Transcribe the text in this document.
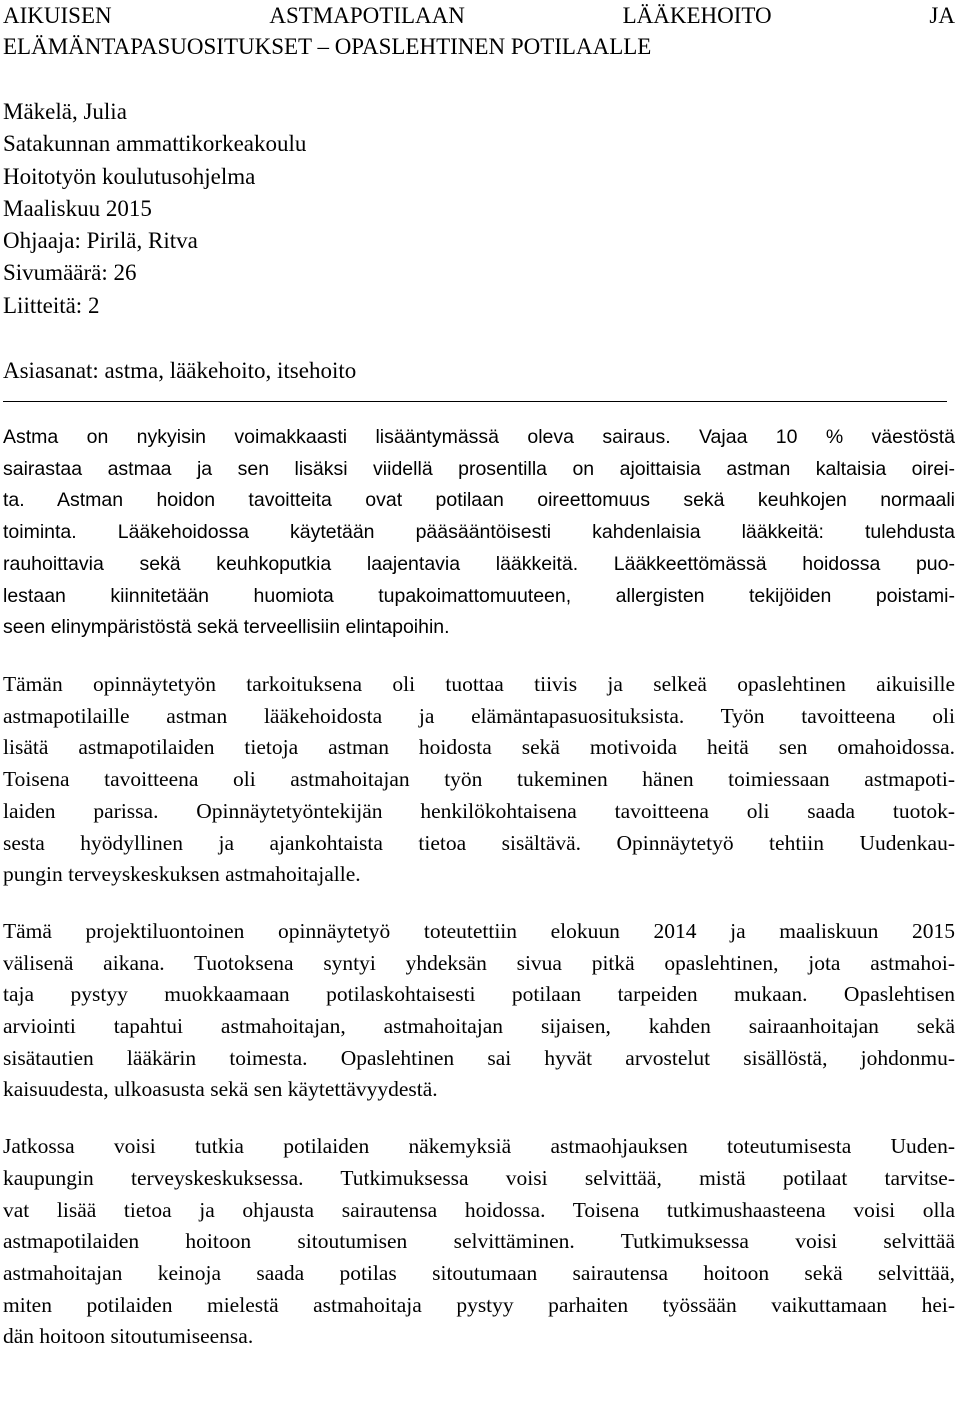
AIKUISEN	ASTMAPOTILAAN	LÄÄKEHOITO	JA
ELÄMÄNTAPASUOSITUKSET – OPASLEHTINEN POTILAALLE
Mäkelä, Julia
Satakunnan ammattikorkeakoulu
Hoitotyön koulutusohjelma
Maaliskuu 2015
Ohjaaja: Pirilä, Ritva
Sivumäärä: 26
Liitteitä: 2
Asiasanat: astma, lääkehoito, itsehoito
Astma on nykyisin voimakkaasti lisääntymässä oleva sairaus. Vajaa 10 % väestöstä
sairastaa astmaa ja sen lisäksi viidellä prosentilla on ajoittaisia astman kaltaisia oirei-
ta. Astman hoidon tavoitteita ovat potilaan oireettomuus sekä keuhkojen normaali
toiminta. Lääkehoidossa käytetään pääsääntöisesti kahdenlaisia lääkkeitä: tulehdusta
rauhoittavia sekä keuhkoputkia laajentavia lääkkeitä. Lääkkeettömässä hoidossa puo-
lestaan kiinnitetään huomiota tupakoimattomuuteen, allergisten tekijöiden poistami-
seen elinympäristöstä sekä terveellisiin elintapoihin.
Tämän opinnäytetyön tarkoituksena oli tuottaa tiivis ja selkeä opaslehtinen aikuisille
astmapotilaille astman lääkehoidosta ja elämäntapasuosituksista. Työn tavoitteena oli
lisätä astmapotilaiden tietoja astman hoidosta sekä motivoida heitä sen omahoidossa.
Toisena tavoitteena oli astmahoitajan työn tukeminen hänen toimiessaan astmapoti-
laiden parissa. Opinnäytetyöntekijän henkilökohtaisena tavoitteena oli saada tuotok-
sesta hyödyllinen ja ajankohtaista tietoa sisältävä. Opinnäytetyö tehtiin Uudenkau-
pungin terveyskeskuksen astmahoitajalle.
Tämä projektiluontoinen opinnäytetyö toteutettiin elokuun 2014 ja maaliskuun 2015
välisenä aikana. Tuotoksena syntyi yhdeksän sivua pitkä opaslehtinen, jota astmahoi-
taja pystyy muokkaamaan potilaskohtaisesti potilaan tarpeiden mukaan. Opaslehtisen
arviointi tapahtui astmahoitajan, astmahoitajan sijaisen, kahden sairaanhoitajan sekä
sisätautien lääkärin toimesta. Opaslehtinen sai hyvät arvostelut sisällöstä, johdonmu-
kaisuudesta, ulkoasusta sekä sen käytettävyydestä.
Jatkossa voisi tutkia potilaiden näkemyksiä astmaohjauksen toteutumisesta Uuden-
kaupungin terveyskeskuksessa. Tutkimuksessa voisi selvittää, mistä potilaat tarvitse-
vat lisää tietoa ja ohjausta sairautensa hoidossa. Toisena tutkimushaasteena voisi olla
astmapotilaiden hoitoon sitoutumisen selvittäminen. Tutkimuksessa voisi selvittää
astmahoitajan keinoja saada potilas sitoutumaan sairautensa hoitoon sekä selvittää,
miten potilaiden mielestä astmahoitaja pystyy parhaiten työssään vaikuttamaan hei-
dän hoitoon sitoutumiseensa.
